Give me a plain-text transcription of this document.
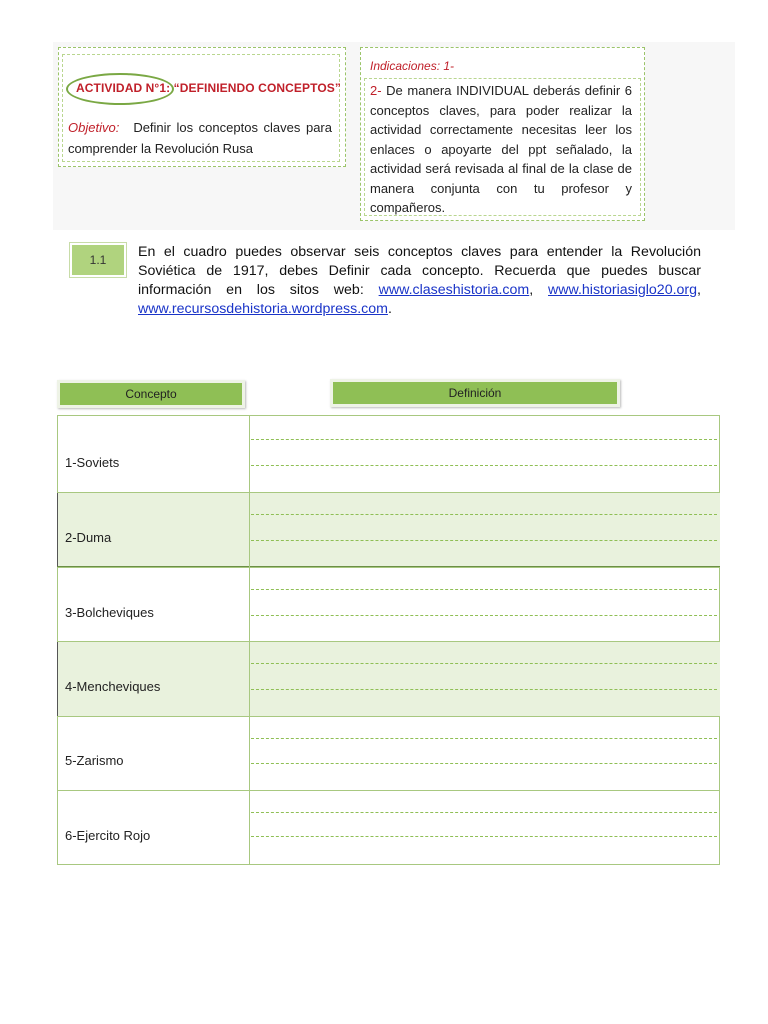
ACTIVIDAD N°1: “DEFINIENDO CONCEPTOS”
Objetivo: Definir los conceptos claves para comprender la Revolución Rusa
Indicaciones: 1-
2- De manera INDIVIDUAL deberás definir 6 conceptos claves, para poder realizar la actividad correctamente necesitas leer los enlaces o apoyarte del ppt señalado, la actividad será revisada al final de la clase de manera conjunta con tu profesor y compañeros.
1.1	En el cuadro puedes observar seis conceptos claves para entender la Revolución Soviética de 1917, debes Definir cada concepto. Recuerda que puedes buscar información en los sitos web: www.claseshistoria.com, www.historiasiglo20.org, www.recursosdehistoria.wordpress.com.
Concepto	Definición
1-Soviets
2-Duma
3-Bolcheviques
4-Mencheviques
5-Zarismo
6-Ejercito Rojo
